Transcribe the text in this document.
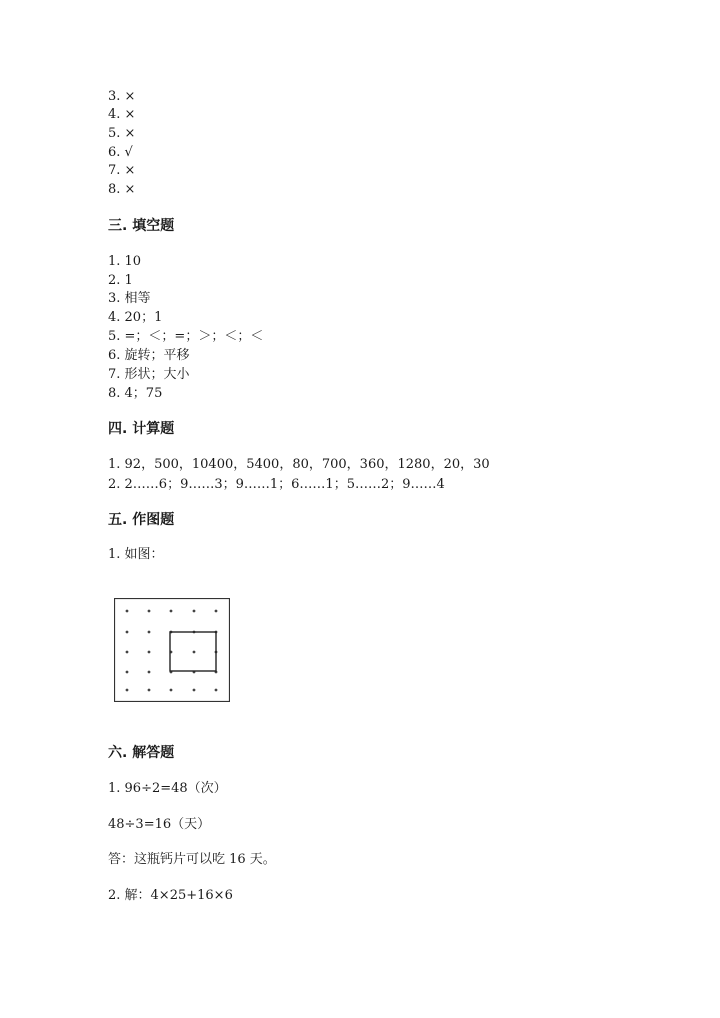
3. ×
4. ×
5. ×
6. √
7. ×
8. ×
三. 填空题
1. 10
2. 1
3. 相等
4. 20；1
5. =；＜；=；＞；＜；＜
6. 旋转；平移
7. 形状；大小
8. 4；75
四. 计算题
1. 92，500，10400，5400，80，700，360，1280，20，30
2. 2……6；9……3；9……1；6……1；5……2；9……4
五. 作图题
1. 如图：
六. 解答题
1. 96÷2=48（次）
48÷3=16（天）
答：这瓶钙片可以吃 16 天。
2. 解：4×25+16×6
